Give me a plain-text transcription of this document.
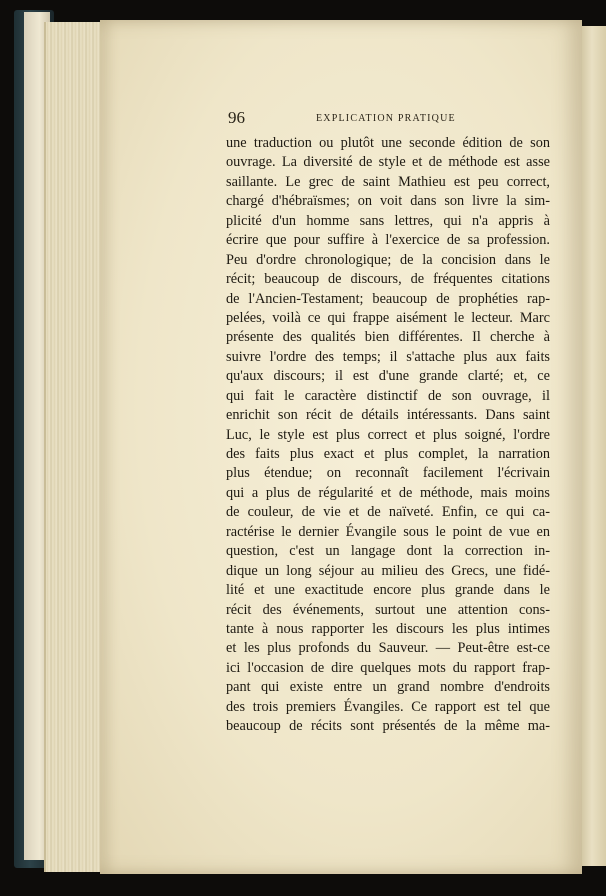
96	EXPLICATION PRATIQUE
une traduction ou plutôt une seconde édition de son
ouvrage. La diversité de style et de méthode est asse
saillante. Le grec de saint Mathieu est peu correct,
chargé d'hébraïsmes; on voit dans son livre la sim-
plicité d'un homme sans lettres, qui n'a appris à
écrire que pour suffire à l'exercice de sa profession.
Peu d'ordre chronologique; de la concision dans le
récit; beaucoup de discours, de fréquentes citations
de l'Ancien-Testament; beaucoup de prophéties rap-
pelées, voilà ce qui frappe aisément le lecteur. Marc
présente des qualités bien différentes. Il cherche à
suivre l'ordre des temps; il s'attache plus aux faits
qu'aux discours; il est d'une grande clarté; et, ce
qui fait le caractère distinctif de son ouvrage, il
enrichit son récit de détails intéressants. Dans saint
Luc, le style est plus correct et plus soigné, l'ordre
des faits plus exact et plus complet, la narration
plus étendue; on reconnaît facilement l'écrivain
qui a plus de régularité et de méthode, mais moins
de couleur, de vie et de naïveté. Enfin, ce qui ca-
ractérise le dernier Évangile sous le point de vue en
question, c'est un langage dont la correction in-
dique un long séjour au milieu des Grecs, une fidé-
lité et une exactitude encore plus grande dans le
récit des événements, surtout une attention cons-
tante à nous rapporter les discours les plus intimes
et les plus profonds du Sauveur. — Peut-être est-ce
ici l'occasion de dire quelques mots du rapport frap-
pant qui existe entre un grand nombre d'endroits
des trois premiers Évangiles. Ce rapport est tel que
beaucoup de récits sont présentés de la même ma-
